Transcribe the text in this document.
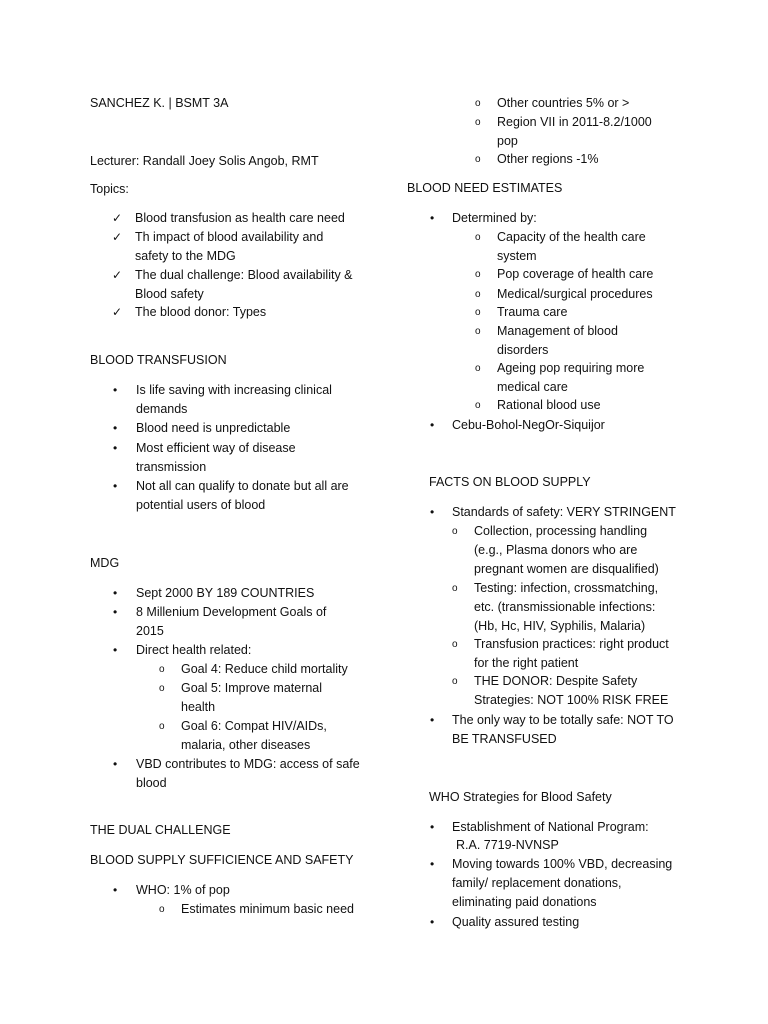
SANCHEZ K. | BSMT 3A
Lecturer: Randall Joey Solis Angob, RMT
Topics:
✓ Blood transfusion as health care need
✓ Th impact of blood availability and
safety to the MDG
✓ The dual challenge: Blood availability &
Blood safety
✓ The blood donor: Types
BLOOD TRANSFUSION
• Is life saving with increasing clinical
demands
• Blood need is unpredictable
• Most efficient way of disease
transmission
• Not all can qualify to donate but all are
potential users of blood
MDG
• Sept 2000 BY 189 COUNTRIES
• 8 Millenium Development Goals of
2015
• Direct health related:
o Goal 4: Reduce child mortality
o Goal 5: Improve maternal
health
o Goal 6: Compat HIV/AIDs,
malaria, other diseases
• VBD contributes to MDG: access of safe
blood
THE DUAL CHALLENGE
BLOOD SUPPLY SUFFICIENCE AND SAFETY
• WHO: 1% of pop
o Estimates minimum basic need
o Other countries 5% or >
o Region VII in 2011-8.2/1000
pop
o Other regions -1%
BLOOD NEED ESTIMATES
• Determined by:
o Capacity of the health care
system
o Pop coverage of health care
o Medical/surgical procedures
o Trauma care
o Management of blood
disorders
o Ageing pop requiring more
medical care
o Rational blood use
• Cebu-Bohol-NegOr-Siquijor
FACTS ON BLOOD SUPPLY
• Standards of safety: VERY STRINGENT
o Collection, processing handling
(e.g., Plasma donors who are
pregnant women are disqualified)
o Testing: infection, crossmatching,
etc. (transmissionable infections:
(Hb, Hc, HIV, Syphilis, Malaria)
o Transfusion practices: right product
for the right patient
o THE DONOR: Despite Safety
Strategies: NOT 100% RISK FREE
• The only way to be totally safe: NOT TO
BE TRANSFUSED
WHO Strategies for Blood Safety
• Establishment of National Program:
R.A. 7719-NVNSP
• Moving towards 100% VBD, decreasing
family/ replacement donations,
eliminating paid donations
• Quality assured testing
